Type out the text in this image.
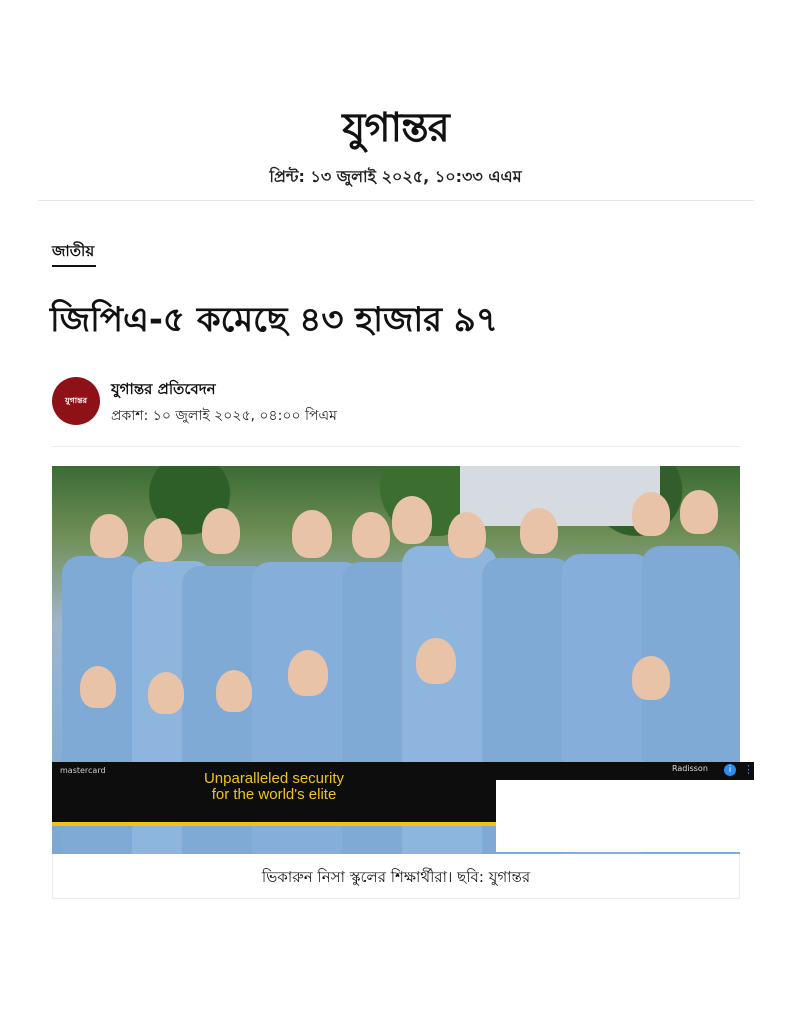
যুগান্তর
প্রিন্ট: ১৩ জুলাই ২০২৫, ১০:৩৩ এএম
জাতীয়
জিপিএ-৫ কমেছে ৪৩ হাজার ৯৭
যুগান্তর
যুগান্তর প্রতিবেদন
প্রকাশ: ১০ জুলাই ২০২৫, ০৪:০০ পিএম
mastercard	Unparalleled security
for the world's elite
Radisson	i	⋮
ভিকারুন নিসা স্কুলের শিক্ষার্থীরা। ছবি: যুগান্তর
